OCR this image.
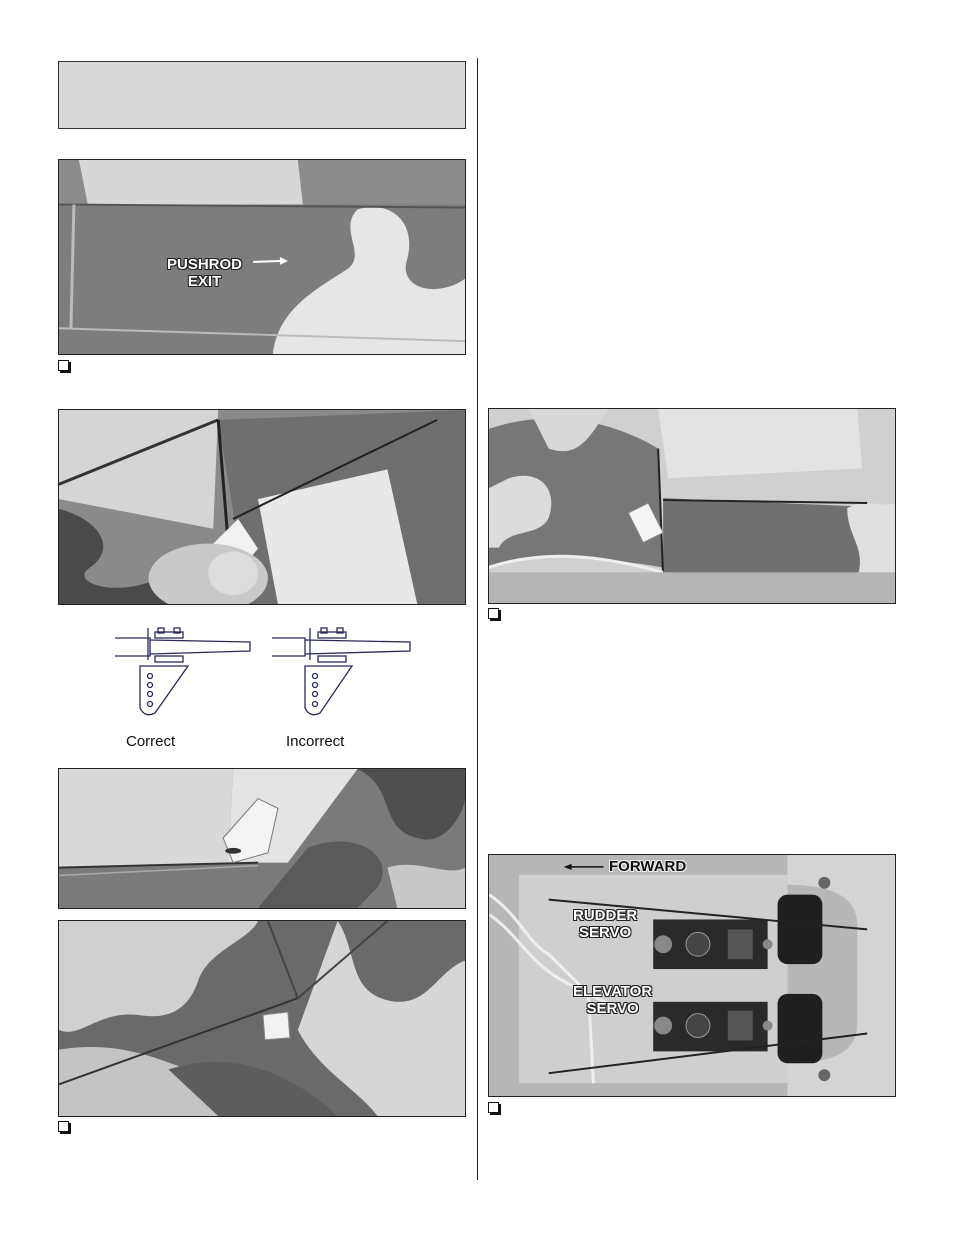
PUSHROD
EXIT
Correct	Incorrect
FORWARD
RUDDER
SERVO
ELEVATOR
SERVO
